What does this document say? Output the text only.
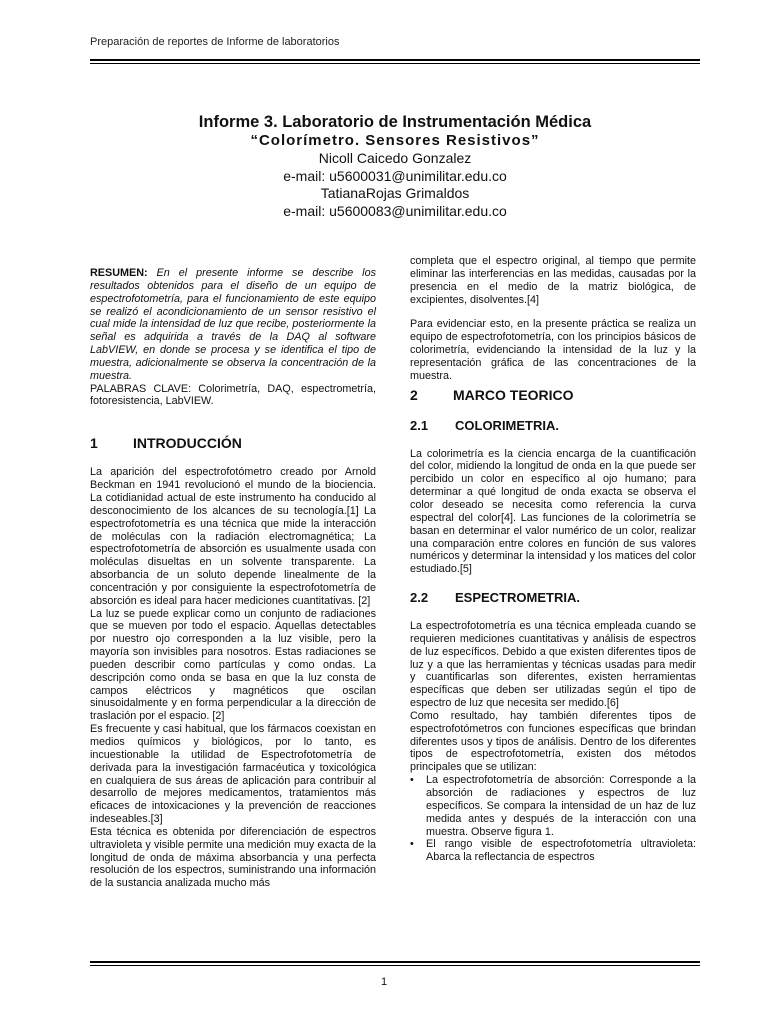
Preparación de reportes de Informe de laboratorios
Informe 3. Laboratorio de Instrumentación Médica
“Colorímetro. Sensores Resistivos”
Nicoll Caicedo Gonzalez
e-mail: u5600031@unimilitar.edu.co
TatianaRojas Grimaldos
e-mail: u5600083@unimilitar.edu.co

RESUMEN: En el presente informe se describe los resultados obtenidos para el diseño de un equipo de espectrofotometría, para el funcionamiento de este equipo se realizó el acondicionamiento de un sensor resistivo el cual mide la intensidad de luz que recibe, posteriormente la señal es adquirida a través de la DAQ al software LabVIEW, en donde se procesa y se identifica el tipo de muestra, adicionalmente se observa la concentración de la muestra.

PALABRAS CLAVE: Colorimetría, DAQ, espectrometría, fotoresistencia, LabVIEW.

1	INTRODUCCIÓN

La aparición del espectrofotómetro creado por Arnold Beckman en 1941 revolucionó el mundo de la biociencia. La cotidianidad actual de este instrumento ha conducido al desconocimiento de los alcances de su tecnología.[1] La espectrofotometría es una técnica que mide la interacción de moléculas con la radiación electromagnética; La espectrofotometría de absorción es usualmente usada con moléculas disueltas en un solvente transparente. La absorbancia de un soluto depende linealmente de la concentración y por consiguiente la espectrofotometría de absorción es ideal para hacer mediciones cuantitativas. [2]

La luz se puede explicar como un conjunto de radiaciones que se mueven por todo el espacio. Aquellas detectables por nuestro ojo corresponden a la luz visible, pero la mayoría son invisibles para nosotros. Estas radiaciones se pueden describir como partículas y como ondas. La descripción como onda se basa en que la luz consta de campos eléctricos y magnéticos que oscilan sinusoidalmente y en forma perpendicular a la dirección de traslación por el espacio. [2]

Es frecuente y casi habitual, que los fármacos coexistan en medios químicos y biológicos, por lo tanto, es incuestionable la utilidad de Espectrofotometría de derivada para la investigación farmacéutica y toxicológica en cualquiera de sus áreas de aplicación para contribuir al desarrollo de mejores medicamentos, tratamientos más eficaces de intoxicaciones y la prevención de reacciones indeseables.[3]

Esta técnica es obtenida por diferenciación de espectros ultravioleta y visible permite una medición muy exacta de la longitud de onda de máxima absorbancia y una perfecta resolución de los espectros, suministrando una información de la sustancia analizada mucho más

completa que el espectro original, al tiempo que permite eliminar las interferencias en las medidas, causadas por la presencia en el medio de la matriz biológica, de excipientes, disolventes.[4]

Para evidenciar esto, en la presente práctica se realiza un equipo de espectrofotometría, con los principios básicos de colorimetría, evidenciando la intensidad de la luz y la representación gráfica de las concentraciones de la muestra.

2	MARCO TEORICO
2.1	COLORIMETRIA.

La colorimetría es la ciencia encarga de la cuantificación del color, midiendo la longitud de onda en la que puede ser percibido un color en específico al ojo humano; para determinar a qué longitud de onda exacta se observa el color deseado se necesita como referencia la curva espectral del color[4]. Las funciones de la colorimetría se basan en determinar el valor numérico de un color, realizar una comparación entre colores en función de sus valores numéricos y determinar la intensidad y los matices del color estudiado.[5]

2.2	ESPECTROMETRIA.

La espectrofotometría es una técnica empleada cuando se requieren mediciones cuantitativas y análisis de espectros de luz específicos. Debido a que existen diferentes tipos de luz y a que las herramientas y técnicas usadas para medir y cuantificarlas son diferentes, existen herramientas específicas que deben ser utilizadas según el tipo de espectro de luz que necesita ser medido.[6]

Como resultado, hay también diferentes tipos de espectrofotómetros con funciones específicas que brindan diferentes usos y tipos de análisis. Dentro de los diferentes tipos de espectrofotometría, existen dos métodos principales que se utilizan:

•	La espectrofotometría de absorción: Corresponde a la absorción de radiaciones y espectros de luz específicos. Se compara la intensidad de un haz de luz medida antes y después de la interacción con una muestra. Observe figura 1.

•	El rango visible de espectrofotometría ultravioleta: Abarca la reflectancia de espectros

1
